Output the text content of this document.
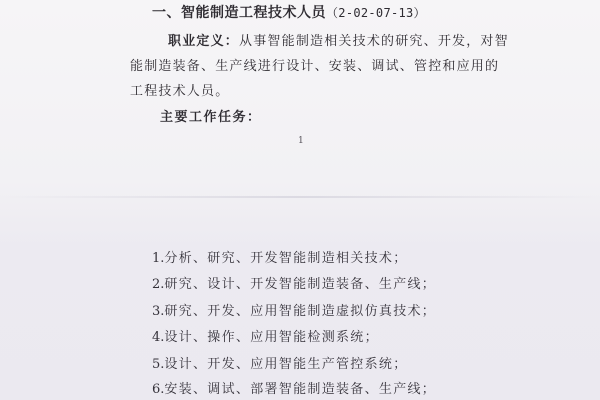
一、智能制造工程技术人员（2-02-07-13）
职业定义：从事智能制造相关技术的研究、开发，对智
能制造装备、生产线进行设计、安装、调试、管控和应用的
工程技术人员。
主要工作任务：
1
1.分析、研究、开发智能制造相关技术；
2.研究、设计、开发智能制造装备、生产线；
3.研究、开发、应用智能制造虚拟仿真技术；
4.设计、操作、应用智能检测系统；
5.设计、开发、应用智能生产管控系统；
6.安装、调试、部署智能制造装备、生产线；
